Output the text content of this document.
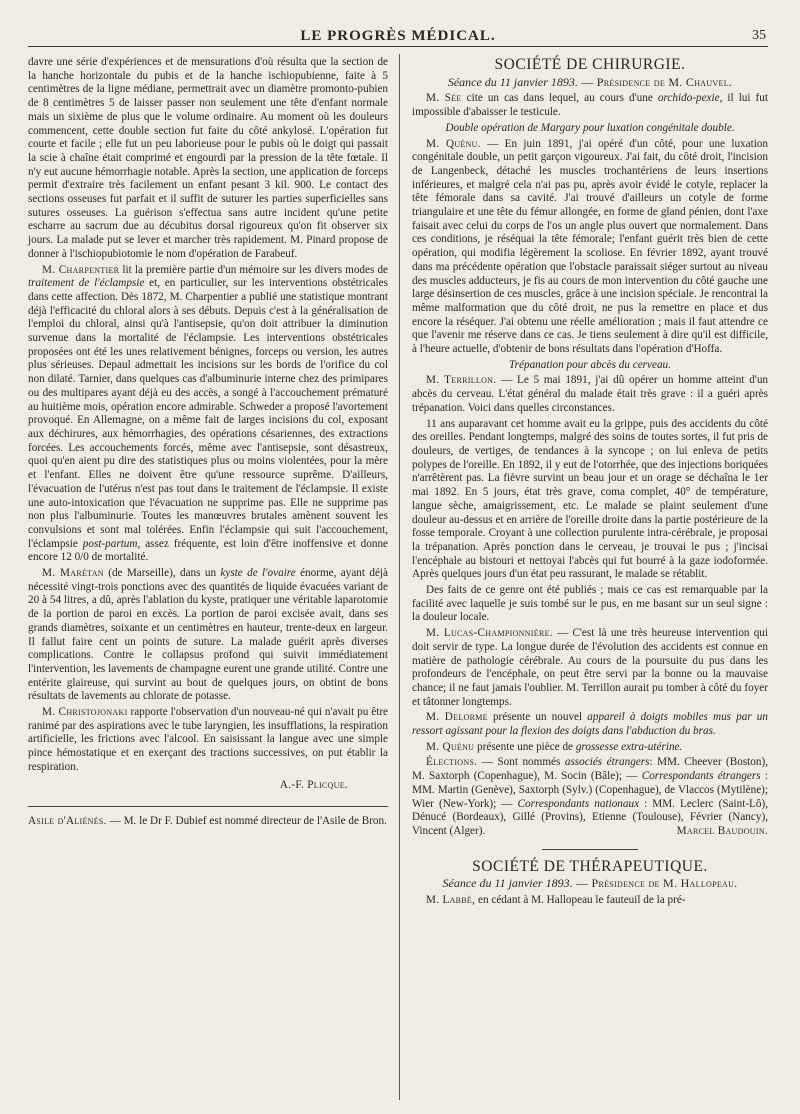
LE PROGRÈS MÉDICAL.	35

davre une série d'expériences et de mensurations d'où résulta que la section de la hanche horizontale du pubis et de la hanche ischiopubienne, faite à 5 centimètres de la ligne médiane, permettrait avec un diamètre promonto-pubien de 8 centimètres 5 de laisser passer non seulement une tête d'enfant normale mais un sixième de plus que le volume ordinaire. Au moment où les douleurs commencent, cette double section fut faite du côté ankylosé. L'opération fut courte et facile ; elle fut un peu laborieuse pour le pubis où le doigt qui passait la scie à chaîne était comprimé et engourdi par la pression de la tête fœtale. Il n'y eut aucune hémorrhagie notable. Après la section, une application de forceps permit d'extraire très facilement un enfant pesant 3 kil. 900. Le contact des sections osseuses fut parfait et il suffit de suturer les parties superficielles sans sutures osseuses. La guérison s'effectua sans autre incident qu'une petite escharre au sacrum due au décubitus dorsal rigoureux qu'on fit observer six jours. La malade put se lever et marcher très rapidement. M. Pinard propose de donner à l'ischiopubiotomie le nom d'opération de Farabeuf.

M. Charpentier lit la première partie d'un mémoire sur les divers modes de traitement de l'éclampsie et, en particulier, sur les interventions obstétricales dans cette affection. Dès 1872, M. Charpentier a publié une statistique montrant déjà l'efficacité du chloral alors à ses débuts. Depuis c'est à la généralisation de l'emploi du chloral, ainsi qu'à l'antisepsie, qu'on doit attribuer la diminution survenue dans la mortalité de l'éclampsie. Les interventions obstétricales proposées ont été les unes relativement bénignes, forceps ou version, les autres plus sérieuses. Depaul admettait les incisions sur les bords de l'orifice du col non dilaté. Tarnier, dans quelques cas d'albuminurie interne chez des primipares ou des multipares ayant déjà eu des accès, a songé à l'accouchement prématuré au huitième mois, opération encore admirable. Schweder a proposé l'avortement provoqué. En Allemagne, on a même fait de larges incisions du col, exposant aux déchirures, aux hémorrhagies, des opérations césariennes, des extractions forcées. Les accouchements forcés, même avec l'antisepsie, sont désastreux, quoi qu'en aient pu dire des statistiques plus ou moins violentées, pour la mère et l'enfant. Elles ne doivent être qu'une ressource suprême. D'ailleurs, l'évacuation de l'utérus n'est pas tout dans le traitement de l'éclampsie. Il existe une auto-intoxication que l'évacuation ne supprime pas. Elle ne supprime pas non plus l'albuminurie. Toutes les manœuvres brutales amènent souvent les convulsions et sont mal tolérées. Enfin l'éclampsie qui suit l'accouchement, l'éclampsie post-partum, assez fréquente, est loin d'être inoffensive et donne encore 12 0/0 de mortalité.

M. Marétan (de Marseille), dans un kyste de l'ovaire énorme, ayant déjà nécessité vingt-trois ponctions avec des quantités de liquide évacuées variant de 20 à 54 litres, a dû, après l'ablation du kyste, pratiquer une véritable laparotomie de la portion de paroi en excès. La portion de paroi excisée avait, dans ses grands diamètres, soixante et un centimètres en hauteur, trente-deux en largeur. Il fallut faire cent un points de suture. La malade guérit après diverses complications. Contre le collapsus profond qui suivit immédiatement l'intervention, les lavements de champagne eurent une grande utilité. Contre une entérite glaireuse, qui survint au bout de quelques jours, on obtint de bons résultats de lavements au chlorate de potasse.

M. Christojonaki rapporte l'observation d'un nouveau-né qui n'avait pu être ranimé par des aspirations avec le tube laryngien, les insufflations, la respiration artificielle, les frictions avec l'alcool. En saisissant la langue avec une simple pince hémostatique et en exerçant des tractions successives, on put établir la respiration.

A.-F. Plicque.

Asile d'Aliénés. — M. le Dr F. Dubief est nommé directeur de l'Asile de Bron.

SOCIÉTÉ DE CHIRURGIE.

Séance du 11 janvier 1893. — Présidence de M. Chauvel.

M. Sée cite un cas dans lequel, au cours d'une orchido-pexie, il lui fut impossible d'abaisser le testicule.

Double opération de Margary pour luxation congénitale double.

M. Quénu. — En juin 1891, j'ai opéré d'un côté, pour une luxation congénitale double, un petit garçon vigoureux. J'ai fait, du côté droit, l'incision de Langenbeck, détaché les muscles trochantériens de leurs insertions inférieures, et malgré cela n'ai pas pu, après avoir évidé le cotyle, replacer la tête fémorale dans sa cavité. J'ai trouvé d'ailleurs un cotyle de forme triangulaire et une tête du fémur allongée, en forme de gland pénien, dont l'axe faisait avec celui du corps de l'os un angle plus ouvert que normalement. Dans ces conditions, je réséquai la tête fémorale; l'enfant guérit très bien de cette opération, qui modifia légèrement la scoliose. En février 1892, ayant trouvé dans ma précédente opération que l'obstacle paraissait siéger surtout au niveau des muscles adducteurs, je fis au cours de mon intervention du côté gauche une large désinsertion de ces muscles, grâce à une incision spéciale. Je rencontrai la même malformation que du côté droit, ne pus la remettre en place et dus encore la réséquer. J'ai obtenu une réelle amélioration ; mais il faut attendre ce que l'avenir me réserve dans ce cas. Je tiens seulement à dire qu'il est difficile, à l'heure actuelle, d'obtenir de bons résultats dans l'opération d'Hoffa.

Trépanation pour abcès du cerveau.

M. Terrillon. — Le 5 mai 1891, j'ai dû opérer un homme atteint d'un abcès du cerveau. L'état général du malade était très grave : il a guéri après trépanation. Voici dans quelles circonstances.

11 ans auparavant cet homme avait eu la grippe, puis des accidents du côté des oreilles. Pendant longtemps, malgré des soins de toutes sortes, il fut pris de douleurs, de vertiges, de tendances à la syncope ; on lui enleva de petits polypes de l'oreille. En 1892, il y eut de l'otorrhée, que des injections boriquées n'arrêtèrent pas. La fièvre survint un beau jour et un orage se déchaîna le 1er mai 1892. En 5 jours, état très grave, coma complet, 40° de température, langue sèche, amaigrissement, etc. Le malade se plaint seulement d'une douleur au-dessus et en arrière de l'oreille droite dans la partie postérieure de la fosse temporale. Croyant à une collection purulente intra-cérébrale, je proposai la trépanation. Après ponction dans le cerveau, je trouvai le pus ; j'incisai l'encéphale au bistouri et nettoyai l'abcès qui fut bourré à la gaze iodoformée. Après quelques jours d'un état peu rassurant, le malade se rétablit.

Des faits de ce genre ont été publiés ; mais ce cas est remarquable par la facilité avec laquelle je suis tombé sur le pus, en me basant sur un seul signe : la douleur locale.

M. Lucas-Championnière. — C'est là une très heureuse intervention qui doit servir de type. La longue durée de l'évolution des accidents est connue en matière de pathologie cérébrale. Au cours de la poursuite du pus dans les profondeurs de l'encéphale, on peut être servi par la bonne ou la mauvaise chance; il ne faut jamais l'oublier. M. Terrillon aurait pu tomber à côté du foyer et tâtonner longtemps.

M. Delorme présente un nouvel appareil à doigts mobiles mus par un ressort agissant pour la flexion des doigts dans l'abduction du bras.

M. Quénu présente une pièce de grossesse extra-utérine.

Élections. — Sont nommés associés étrangers: MM. Cheever (Boston), M. Saxtorph (Copenhague), M. Socin (Bâle); — Correspondants étrangers : MM. Martin (Genève), Saxtorph (Sylv.) (Copenhague), de Vlaccos (Mytilène); Wier (New-York); — Correspondants nationaux : MM. Leclerc (Saint-Lô), Dénucé (Bordeaux), Gillé (Provins), Etienne (Toulouse), Février (Nancy), Vincent (Alger).	Marcel Baudouin.

SOCIÉTÉ DE THÉRAPEUTIQUE.

Séance du 11 janvier 1893. — Présidence de M. Hallopeau.

M. Labbé, en cédant à M. Hallopeau le fauteuil de la pré-
